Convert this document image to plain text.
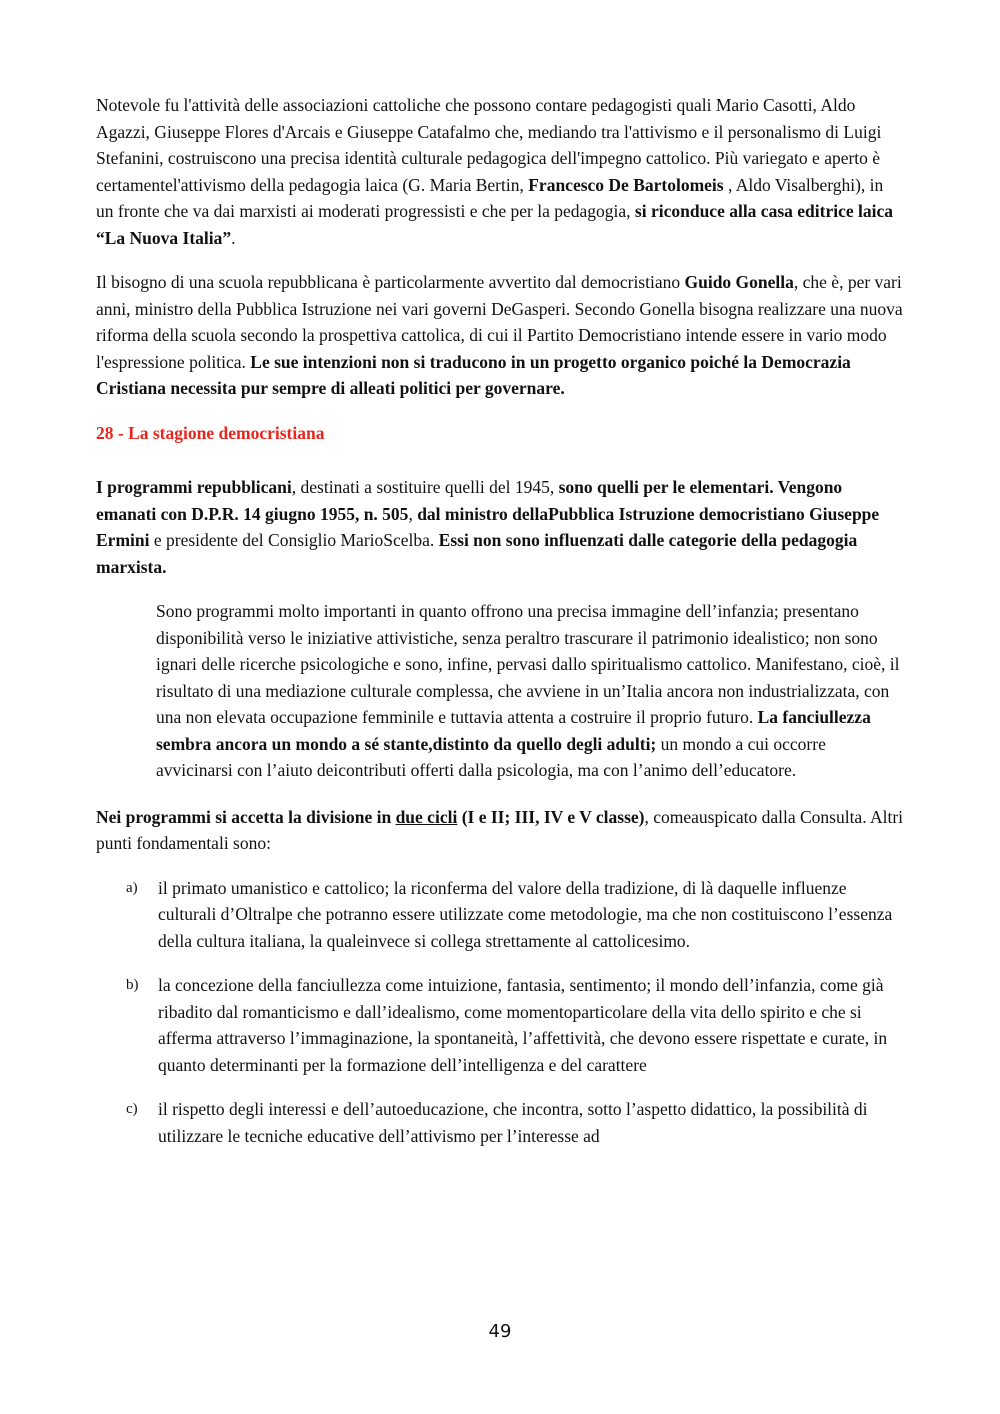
Notevole fu l'attività delle associazioni cattoliche che possono contare pedagogisti quali Mario Casotti, Aldo Agazzi, Giuseppe Flores d'Arcais e Giuseppe Catafalmo che, mediando tra l'attivismo e il personalismo di Luigi Stefanini, costruiscono una precisa identità culturale pedagogica dell'impegno cattolico. Più variegato e aperto è certamentel'attivismo della pedagogia laica (G. Maria Bertin, Francesco De Bartolomeis , Aldo Visalberghi), in un fronte che va dai marxisti ai moderati progressisti e che per la pedagogia, si riconduce alla casa editrice laica “La Nuova Italia”.

Il bisogno di una scuola repubblicana è particolarmente avvertito dal democristiano Guido Gonella, che è, per vari anni, ministro della Pubblica Istruzione nei vari governi DeGasperi. Secondo Gonella bisogna realizzare una nuova riforma della scuola secondo la prospettiva cattolica, di cui il Partito Democristiano intende essere in vario modo l'espressione politica. Le sue intenzioni non si traducono in un progetto organico poiché la Democrazia Cristiana necessita pur sempre di alleati politici per governare.

28 - La stagione democristiana

I programmi repubblicani, destinati a sostituire quelli del 1945, sono quelli per le elementari. Vengono emanati con D.P.R. 14 giugno 1955, n. 505, dal ministro dellaPubblica Istruzione democristiano Giuseppe Ermini e presidente del Consiglio MarioScelba. Essi non sono influenzati dalle categorie della pedagogia marxista.

Sono programmi molto importanti in quanto offrono una precisa immagine dell’infanzia; presentano disponibilità verso le iniziative attivistiche, senza peraltro trascurare il patrimonio idealistico; non sono ignari delle ricerche psicologiche e sono, infine, pervasi dallo spiritualismo cattolico. Manifestano, cioè, il risultato di una mediazione culturale complessa, che avviene in un’Italia ancora non industrializzata, con una non elevata occupazione femminile e tuttavia attenta a costruire il proprio futuro. La fanciullezza sembra ancora un mondo a sé stante,distinto da quello degli adulti; un mondo a cui occorre avvicinarsi con l’aiuto deicontributi offerti dalla psicologia, ma con l’animo dell’educatore.

Nei programmi si accetta la divisione in due cicli (I e II; III, IV e V classe), comeauspicato dalla Consulta. Altri punti fondamentali sono:

a)	il primato umanistico e cattolico; la riconferma del valore della tradizione, di là daquelle influenze culturali d’Oltralpe che potranno essere utilizzate come metodologie, ma che non costituiscono l’essenza della cultura italiana, la qualeinvece si collega strettamente al cattolicesimo.
b)	la concezione della fanciullezza come intuizione, fantasia, sentimento; il mondo dell’infanzia, come già ribadito dal romanticismo e dall’idealismo, come momentoparticolare della vita dello spirito e che si afferma attraverso l’immaginazione, la spontaneità, l’affettività, che devono essere rispettate e curate, in quanto determinanti per la formazione dell’intelligenza e del carattere
c)	il rispetto degli interessi e dell’autoeducazione, che incontra, sotto l’aspetto didattico, la possibilità di utilizzare le tecniche educative dell’attivismo per l’interesse ad
49
